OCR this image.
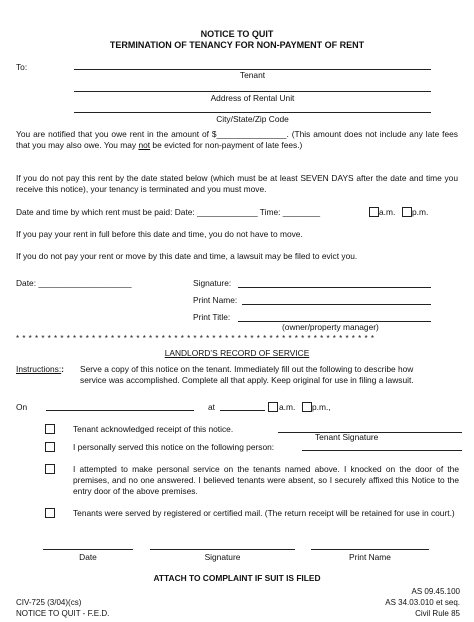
NOTICE TO QUIT
TERMINATION OF TENANCY FOR NON-PAYMENT OF RENT
To:
Tenant
Address of Rental Unit
City/State/Zip Code
You are notified that you owe rent in the amount of $_______________. (This amount does not include any late fees that you may also owe. You may not be evicted for non-payment of late fees.)
If you do not pay this rent by the date stated below (which must be at least SEVEN DAYS after the date and time you receive this notice), your tenancy is terminated and you must move.
Date and time by which rent must be paid: Date: _____________ Time: ________	a.m. p.m.
If you pay your rent in full before this date and time, you do not have to move.
If you do not pay your rent or move by this date and time, a lawsuit may be filed to evict you.
Date: ____________________	Signature:
Print Name:
Print Title:
(owner/property manager)
* * * * * * * * * * * * * * * * * * * * * * * * * * * * * * * * * * * * * * * * * * * * * * * * * * * * * * * * *
LANDLORD’S RECORD OF SERVICE
Instructions:: Serve a copy of this notice on the tenant. Immediately fill out the following to describe how service was accomplished. Complete all that apply. Keep original for use in filing a lawsuit.
On	at	a.m. p.m.,
Tenant acknowledged receipt of this notice.
Tenant Signature
I personally served this notice on the following person:
I attempted to make personal service on the tenants named above. I knocked on the door of the premises, and no one answered. I believed tenants were absent, so I securely affixed this Notice to the entry door of the above premises.
Tenants were served by registered or certified mail. (The return receipt will be retained for use in court.)
Date	Signature	Print Name
ATTACH TO COMPLAINT IF SUIT IS FILED
CIV-725 (3/04)(cs)
NOTICE TO QUIT - F.E.D.
AS 09.45.100
AS 34.03.010 et seq.
Civil Rule 85
